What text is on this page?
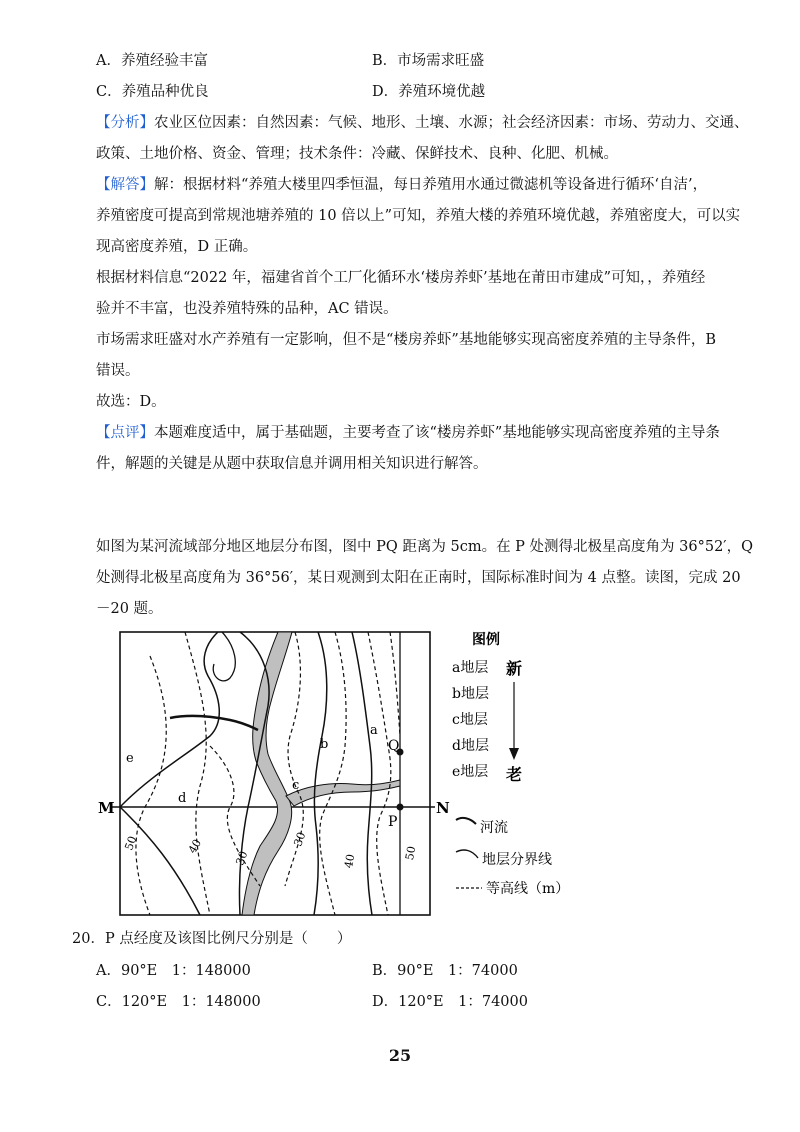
A．养殖经验丰富	B．市场需求旺盛
C．养殖品种优良	D．养殖环境优越
【分析】农业区位因素：自然因素：气候、地形、土壤、水源；社会经济因素：市场、劳动力、交通、
政策、土地价格、资金、管理；技术条件：冷藏、保鲜技术、良种、化肥、机械。
【解答】解：根据材料“养殖大楼里四季恒温，每日养殖用水通过微滤机等设备进行循环‘自洁’，
养殖密度可提高到常规池塘养殖的 10 倍以上”可知，养殖大楼的养殖环境优越，养殖密度大，可以实
现高密度养殖，D 正确。
根据材料信息“2022 年，福建省首个工厂化循环水‘楼房养虾’基地在莆田市建成”可知，，养殖经
验并不丰富，也没养殖特殊的品种，AC 错误。
市场需求旺盛对水产养殖有一定影响，但不是“楼房养虾”基地能够实现高密度养殖的主导条件，B
错误。
故选：D。
【点评】本题难度适中，属于基础题，主要考查了该“楼房养虾”基地能够实现高密度养殖的主导条
件，解题的关键是从题中获取信息并调用相关知识进行解答。
如图为某河流域部分地区地层分布图，图中 PQ 距离为 5cm。在 P 处测得北极星高度角为 36°52′，Q
处测得北极星高度角为 36°56′，某日观测到太阳在正南时，国际标准时间为 4 点整。读图，完成 20
－20 题。
M	N
P
Q
a
b
c
d
e
50	40
30
30
40	50
图例
a地层
b地层
c地层
d地层
e地层
新
老
河流
地层分界线
等高线（m）
20．P 点经度及该图比例尺分别是（　　）
A．90°E　1：148000	B．90°E　1：74000
C．120°E　1：148000	D．120°E　1：74000
25
